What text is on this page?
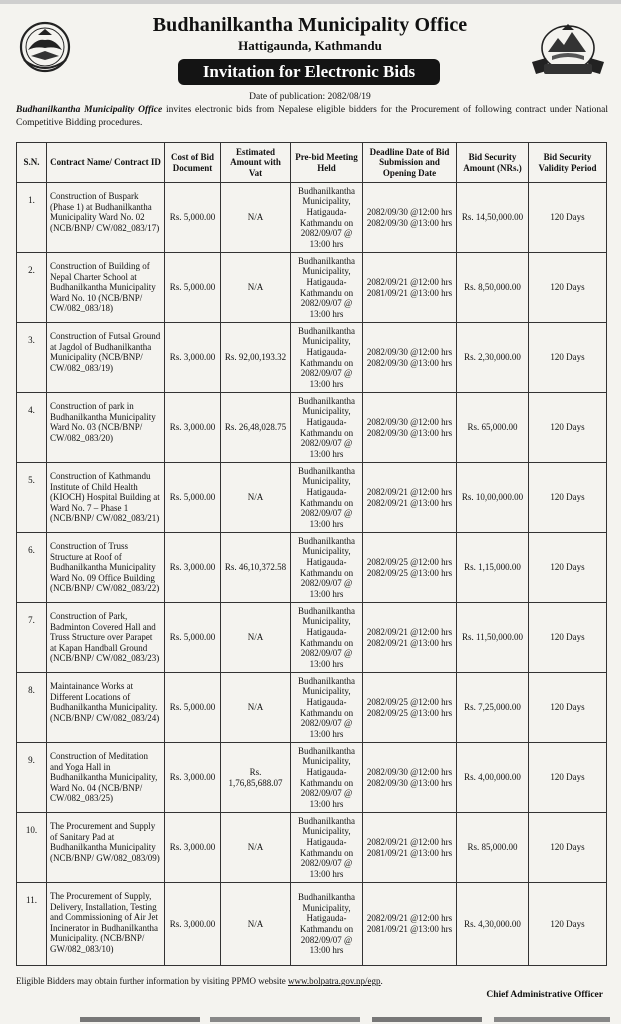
Budhanilkantha Municipality Office
Hattigaunda, Kathmandu
Invitation for Electronic Bids
Date of publication: 2082/08/19
Budhanilkantha Municipality Office invites electronic bids from Nepalese eligible bidders for the Procurement of following contract under National Competitive Bidding procedures.
S.N.	Contract Name/ Contract ID	Cost of Bid Document	Estimated Amount with Vat	Pre-bid Meeting Held	Deadline Date of Bid Submission and Opening Date	Bid Security Amount (NRs.)	Bid Security Validity Period
1.	Construction of Buspark (Phase 1) at Budhanilkantha Municipality Ward No. 02 (NCB/BNP/ CW/082_083/17)	Rs. 5,000.00	N/A	Budhanilkantha Municipality, Hatigauda- Kathmandu on 2082/09/07 @ 13:00 hrs	2082/09/30 @12:00 hrs 2082/09/30 @13:00 hrs	Rs. 14,50,000.00	120 Days
2.	Construction of Building of Nepal Charter School at Budhanilkantha Municipality Ward No. 10 (NCB/BNP/ CW/082_083/18)	Rs. 5,000.00	N/A	Budhanilkantha Municipality, Hatigauda- Kathmandu on 2082/09/07 @ 13:00 hrs	2082/09/21 @12:00 hrs 2081/09/21 @13:00 hrs	Rs. 8,50,000.00	120 Days
3.	Construction of Futsal Ground at Jagdol of Budhanilkantha Municipality (NCB/BNP/ CW/082_083/19)	Rs. 3,000.00	Rs. 92,00,193.32	Budhanilkantha Municipality, Hatigauda- Kathmandu on 2082/09/07 @ 13:00 hrs	2082/09/30 @12:00 hrs 2082/09/30 @13:00 hrs	Rs. 2,30,000.00	120 Days
4.	Construction of park in Budhanilkantha Municipality Ward No. 03 (NCB/BNP/ CW/082_083/20)	Rs. 3,000.00	Rs. 26,48,028.75	Budhanilkantha Municipality, Hatigauda- Kathmandu on 2082/09/07 @ 13:00 hrs	2082/09/30 @12:00 hrs 2082/09/30 @13:00 hrs	Rs. 65,000.00	120 Days
5.	Construction of Kathmandu Institute of Child Health (KIOCH) Hospital Building at Ward No. 7 – Phase 1 (NCB/BNP/ CW/082_083/21)	Rs. 5,000.00	N/A	Budhanilkantha Municipality, Hatigauda- Kathmandu on 2082/09/07 @ 13:00 hrs	2082/09/21 @12:00 hrs 2082/09/21 @13:00 hrs	Rs. 10,00,000.00	120 Days
6.	Construction of Truss Structure at Roof of Budhanilkantha Municipality Ward No. 09 Office Building (NCB/BNP/ CW/082_083/22)	Rs. 3,000.00	Rs. 46,10,372.58	Budhanilkantha Municipality, Hatigauda- Kathmandu on 2082/09/07 @ 13:00 hrs	2082/09/25 @12:00 hrs 2082/09/25 @13:00 hrs	Rs. 1,15,000.00	120 Days
7.	Construction of Park, Badminton Covered Hall and Truss Structure over Parapet at Kapan Handball Ground (NCB/BNP/ CW/082_083/23)	Rs. 5,000.00	N/A	Budhanilkantha Municipality, Hatigauda- Kathmandu on 2082/09/07 @ 13:00 hrs	2082/09/21 @12:00 hrs 2082/09/21 @13:00 hrs	Rs. 11,50,000.00	120 Days
8.	Maintainance Works at Different Locations of Budhanilkantha Municipality. (NCB/BNP/ CW/082_083/24)	Rs. 5,000.00	N/A	Budhanilkantha Municipality, Hatigauda- Kathmandu on 2082/09/07 @ 13:00 hrs	2082/09/25 @12:00 hrs 2082/09/25 @13:00 hrs	Rs. 7,25,000.00	120 Days
9.	Construction of Meditation and Yoga Hall in Budhanilkantha Municipality, Ward No. 04 (NCB/BNP/ CW/082_083/25)	Rs. 3,000.00	Rs. 1,76,85,688.07	Budhanilkantha Municipality, Hatigauda- Kathmandu on 2082/09/07 @ 13:00 hrs	2082/09/30 @12:00 hrs 2082/09/30 @13:00 hrs	Rs. 4,00,000.00	120 Days
10.	The Procurement and Supply of Sanitary Pad at Budhanilkantha Municipality (NCB/BNP/ GW/082_083/09)	Rs. 3,000.00	N/A	Budhanilkantha Municipality, Hatigauda- Kathmandu on 2082/09/07 @ 13:00 hrs	2082/09/21 @12:00 hrs 2081/09/21 @13:00 hrs	Rs. 85,000.00	120 Days
11.	The Procurement of Supply, Delivery, Installation, Testing and Commissioning of Air Jet Incinerator in Budhanilkantha Municipality. (NCB/BNP/ GW/082_083/10)	Rs. 3,000.00	N/A	Budhanilkantha Municipality, Hatigauda- Kathmandu on 2082/09/07 @ 13:00 hrs	2082/09/21 @12:00 hrs 2081/09/21 @13:00 hrs	Rs. 4,30,000.00	120 Days
Eligible Bidders may obtain further information by visiting PPMO website www.bolpatra.gov.np/egp.
Chief Administrative Officer
